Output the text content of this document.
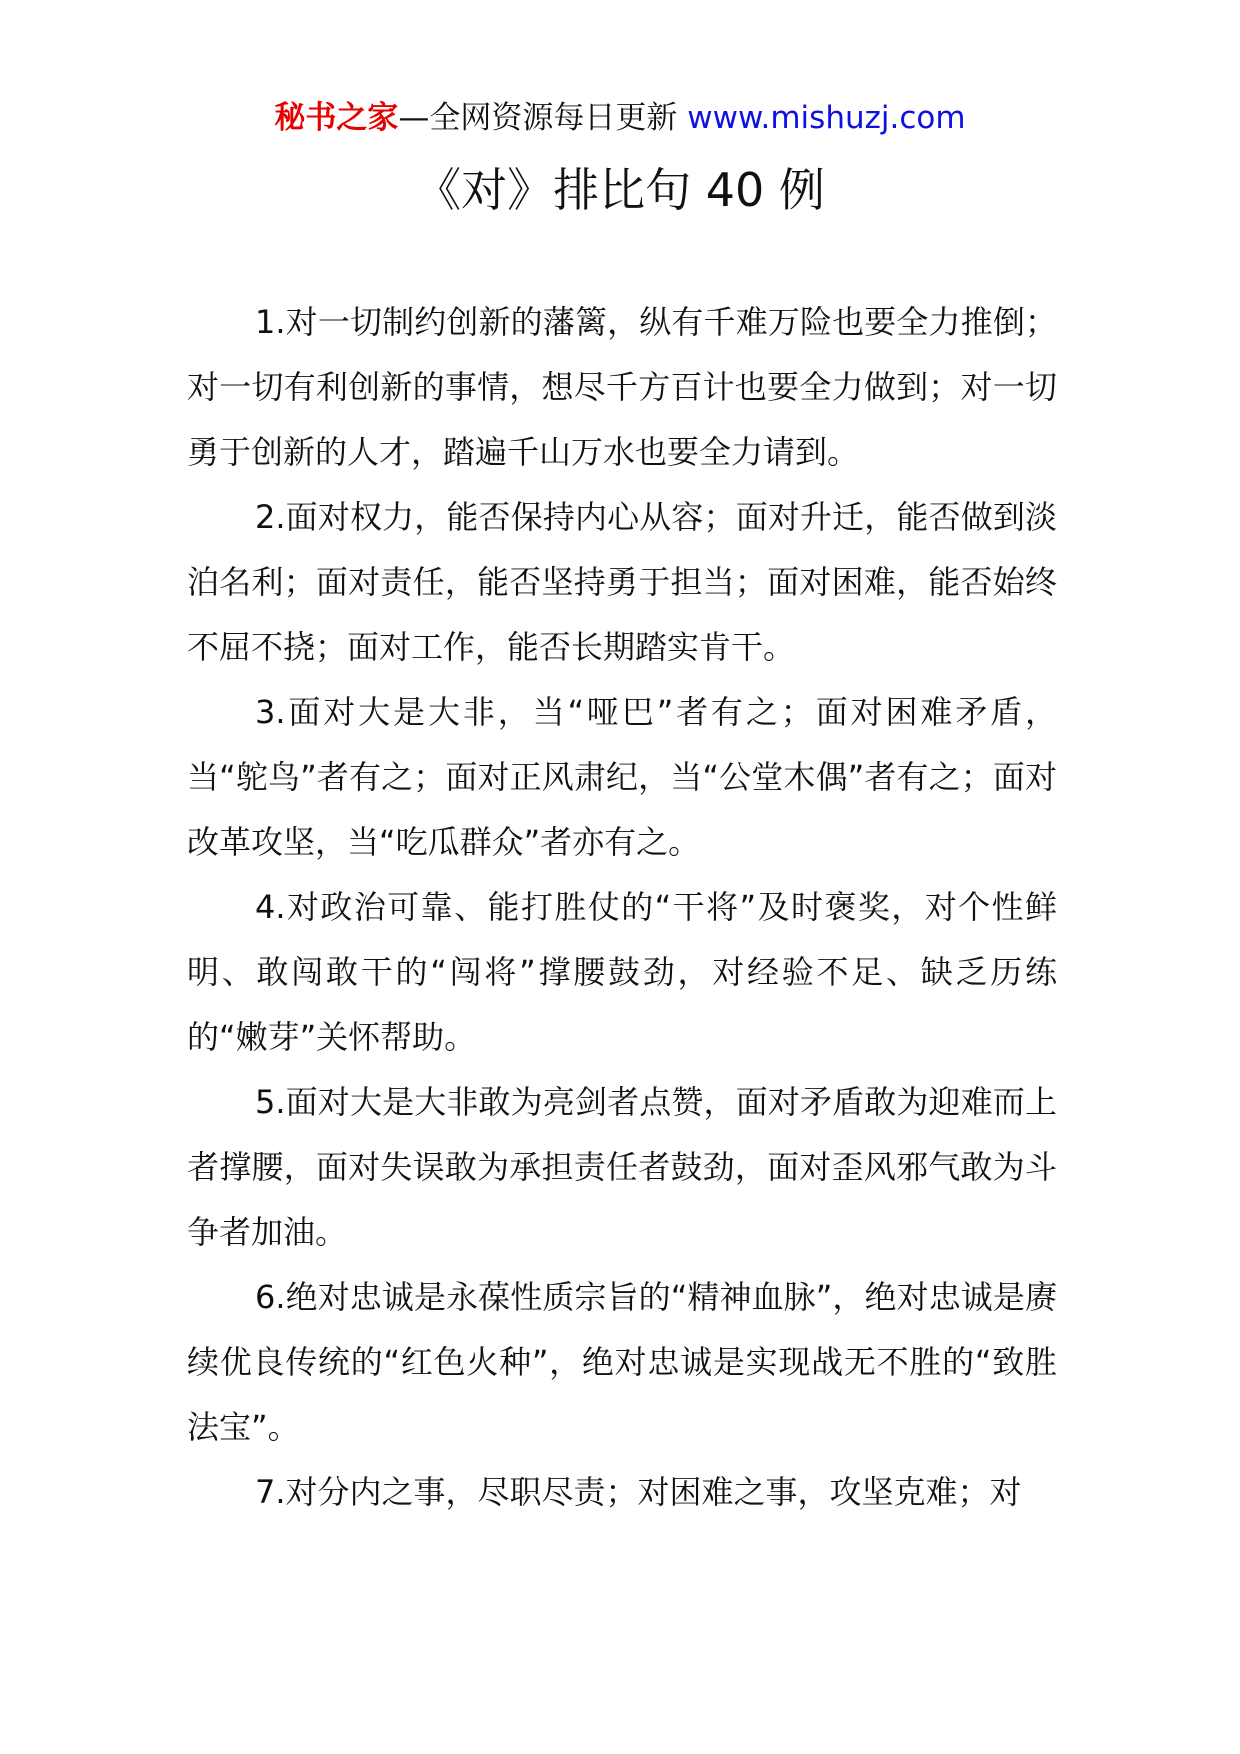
秘书之家—全网资源每日更新 www.mishuzj.com
《对》排比句 40 例

1.对一切制约创新的藩篱，纵有千难万险也要全力推倒；对一切有利创新的事情，想尽千方百计也要全力做到；对一切勇于创新的人才，踏遍千山万水也要全力请到。

2.面对权力，能否保持内心从容；面对升迁，能否做到淡泊名利；面对责任，能否坚持勇于担当；面对困难，能否始终不屈不挠；面对工作，能否长期踏实肯干。

3.面对大是大非，当“哑巴”者有之；面对困难矛盾，当“鸵鸟”者有之；面对正风肃纪，当“公堂木偶”者有之；面对改革攻坚，当“吃瓜群众”者亦有之。

4.对政治可靠、能打胜仗的“干将”及时褒奖，对个性鲜明、敢闯敢干的“闯将”撑腰鼓劲，对经验不足、缺乏历练的“嫩芽”关怀帮助。

5.面对大是大非敢为亮剑者点赞，面对矛盾敢为迎难而上者撑腰，面对失误敢为承担责任者鼓劲，面对歪风邪气敢为斗争者加油。

6.绝对忠诚是永葆性质宗旨的“精神血脉”，绝对忠诚是赓续优良传统的“红色火种”，绝对忠诚是实现战无不胜的“致胜法宝”。

7.对分内之事，尽职尽责；对困难之事，攻坚克难；对
